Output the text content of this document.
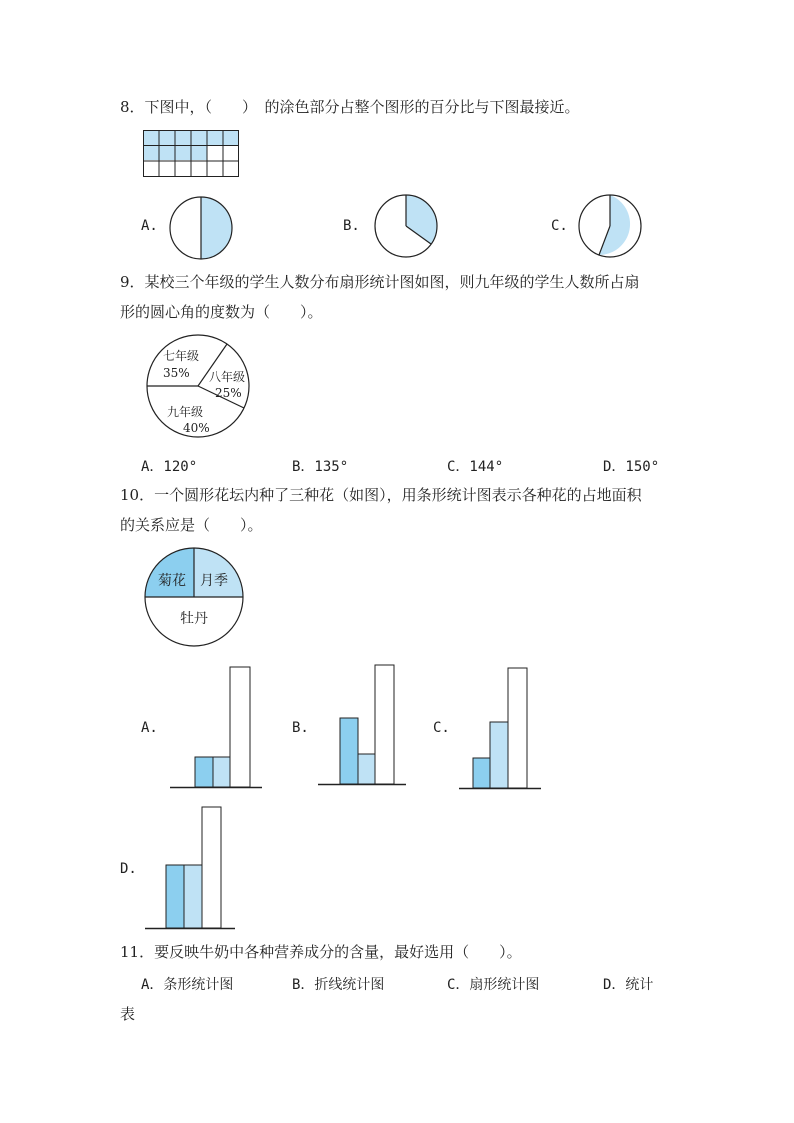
8．下图中，（　　）　的涂色部分占整个图形的百分比与下图最接近。
A.	B.	C.
9．某校三个年级的学生人数分布扇形统计图如图，则九年级的学生人数所占扇
形的圆心角的度数为（　　）。
七年级
35% 八年级
25%
九年级
40%
A．120°	B．135°	C．144°	D．150°
10．一个圆形花坛内种了三种花（如图），用条形统计图表示各种花的占地面积
的关系应是（　　）。
菊花 月季
牡丹
A.	B.	C.
D.
11．要反映牛奶中各种营养成分的含量，最好选用（　　）。
A．条形统计图	B．折线统计图	C．扇形统计图	D．统计
表
